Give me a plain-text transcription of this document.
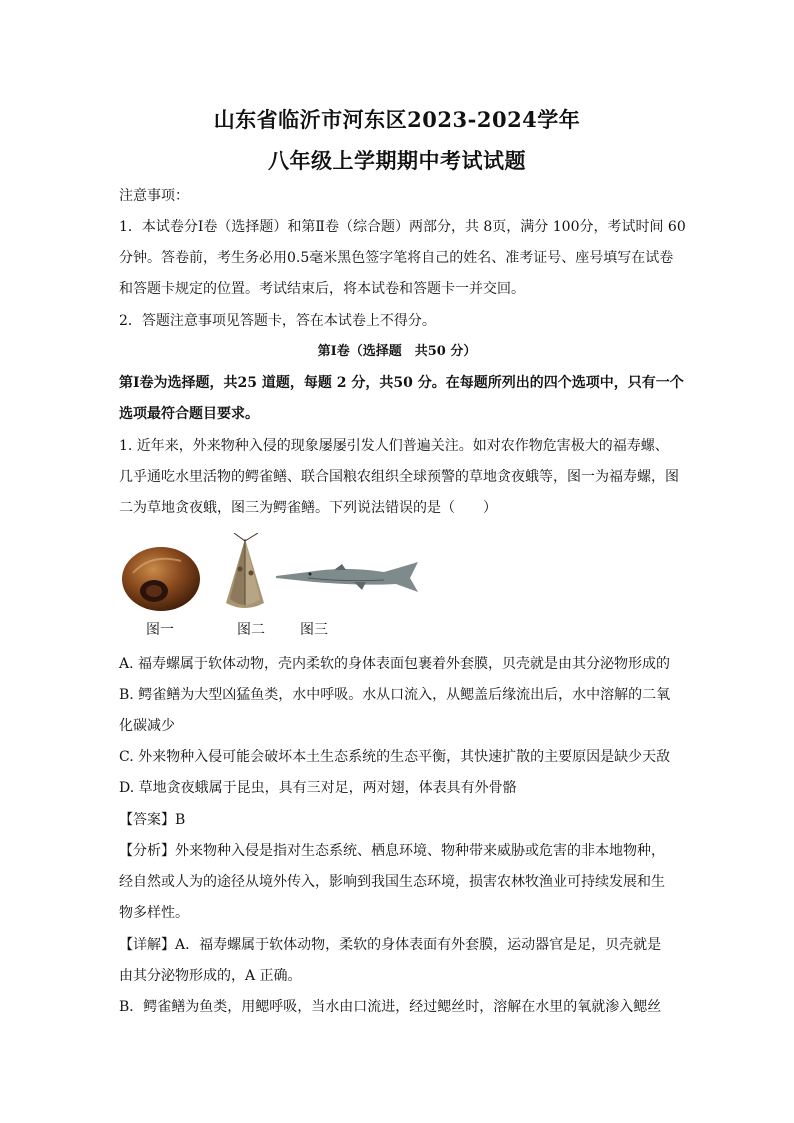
山东省临沂市河东区2023-2024学年
八年级上学期期中考试试题
注意事项：
1．本试卷分Ⅰ卷（选择题）和第Ⅱ卷（综合题）两部分，共 8页，满分 100分，考试时间 60
分钟。答卷前，考生务必用0.5毫米黑色签字笔将自己的姓名、准考证号、座号填写在试卷
和答题卡规定的位置。考试结束后，将本试卷和答题卡一并交回。
2．答题注意事项见答题卡，答在本试卷上不得分。
第Ⅰ卷（选择题　共50 分）
第Ⅰ卷为选择题，共25 道题，每题 2 分，共50 分。在每题所列出的四个选项中，只有一个
选项最符合题目要求。
1. 近年来，外来物种入侵的现象屡屡引发人们普遍关注。如对农作物危害极大的福寿螺、
几乎通吃水里活物的鳄雀鳝、联合国粮农组织全球预警的草地贪夜蛾等，图一为福寿螺，图
二为草地贪夜蛾，图三为鳄雀鳝。下列说法错误的是（　　）
图一	图二	图三
A. 福寿螺属于软体动物，壳内柔软的身体表面包裹着外套膜，贝壳就是由其分泌物形成的
B. 鳄雀鳝为大型凶猛鱼类，水中呼吸。水从口流入，从鳃盖后缘流出后，水中溶解的二氧
化碳减少
C. 外来物种入侵可能会破坏本土生态系统的生态平衡，其快速扩散的主要原因是缺少天敌
D. 草地贪夜蛾属于昆虫，具有三对足，两对翅，体表具有外骨骼
【答案】B
【分析】外来物种入侵是指对生态系统、栖息环境、物种带来威胁或危害的非本地物种，
经自然或人为的途径从境外传入，影响到我国生态环境，损害农林牧渔业可持续发展和生
物多样性。
【详解】A．福寿螺属于软体动物，柔软的身体表面有外套膜，运动器官是足，贝壳就是
由其分泌物形成的，A 正确。
B．鳄雀鳝为鱼类，用鳃呼吸，当水由口流进，经过鳃丝时，溶解在水里的氧就渗入鳃丝
